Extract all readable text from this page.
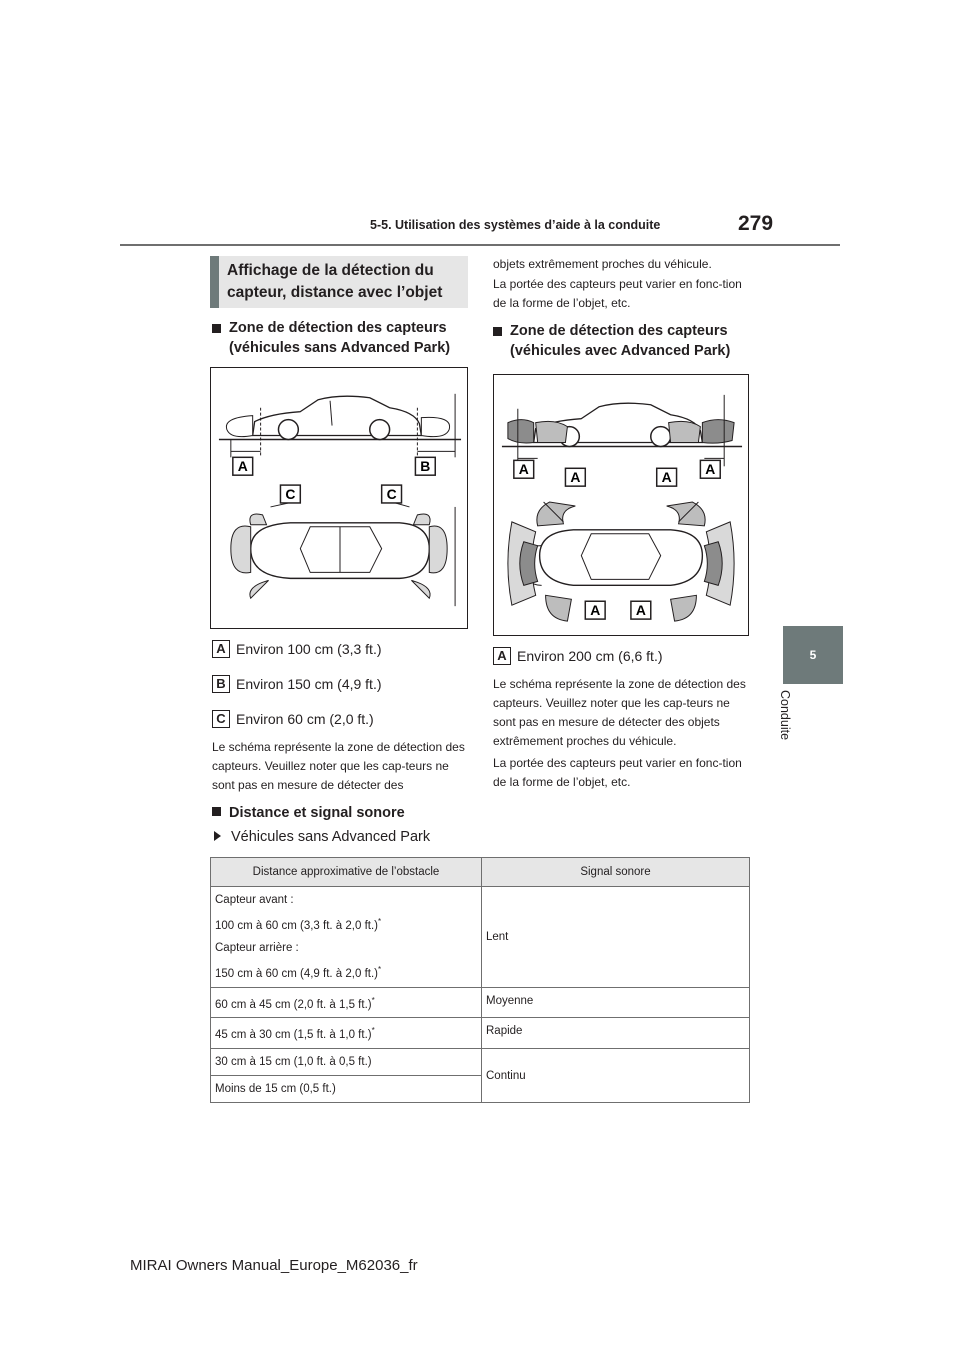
5-5. Utilisation des systèmes d’aide à la conduite	279
5
Conduite
Affichage de la détection du capteur, distance avec l’objet
Zone de détection des capteurs (véhicules sans Advanced Park)
A	B
C	C
A Environ 100 cm (3,3 ft.)
B Environ 150 cm (4,9 ft.)
C Environ 60 cm (2,0 ft.)
Le schéma représente la zone de détection des capteurs. Veuillez noter que les cap-teurs ne sont pas en mesure de détecter des
Distance et signal sonore
Véhicules sans Advanced Park
objets extrêmement proches du véhicule.
La portée des capteurs peut varier en fonc-tion de la forme de l’objet, etc.
Zone de détection des capteurs (véhicules avec Advanced Park)
A	A	A A
A	A
A Environ 200 cm (6,6 ft.)
Le schéma représente la zone de détection des capteurs. Veuillez noter que les cap-teurs ne sont pas en mesure de détecter des objets extrêmement proches du véhicule.
La portée des capteurs peut varier en fonc-tion de la forme de l’objet, etc.
Distance approximative de l’obstacle	Signal sonore

Capteur avant :
100 cm à 60 cm (3,3 ft. à 2,0 ft.)*
Capteur arrière :
150 cm à 60 cm (4,9 ft. à 2,0 ft.)*	Lent
60 cm à 45 cm (2,0 ft. à 1,5 ft.)*	Moyenne
45 cm à 30 cm (1,5 ft. à 1,0 ft.)*	Rapide
30 cm à 15 cm (1,0 ft. à 0,5 ft.)	Continu
Moins de 15 cm (0,5 ft.)	
MIRAI Owners Manual_Europe_M62036_fr
